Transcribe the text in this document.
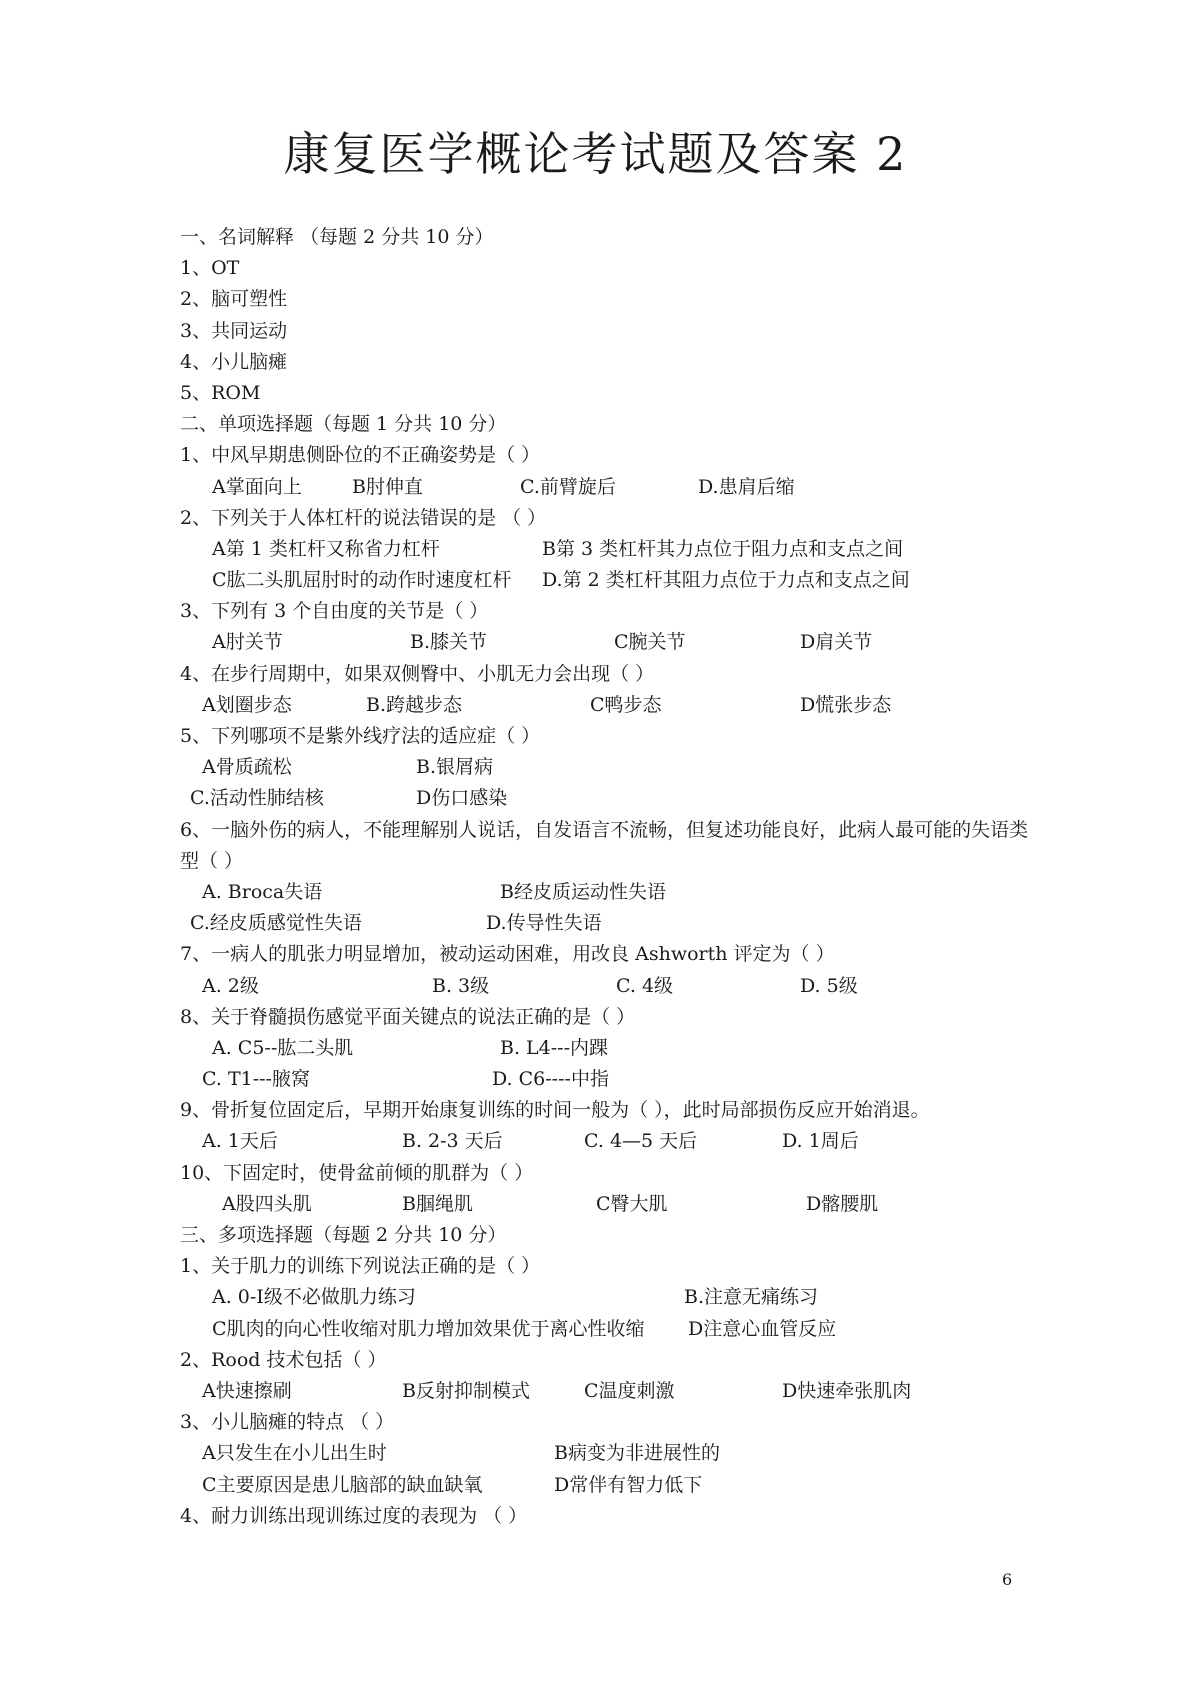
康复医学概论考试题及答案 2
一、名词解释 （每题 2 分共 10 分）
1、OT
2、脑可塑性
3、共同运动
4、小儿脑瘫
5、ROM
二、单项选择题（每题 1 分共 10 分）
1、中风早期患侧卧位的不正确姿势是（ ）
A掌面向上	B肘伸直	C.前臂旋后	D.患肩后缩
2、下列关于人体杠杆的说法错误的是 （ ）
A第 1 类杠杆又称省力杠杆	B第 3 类杠杆其力点位于阻力点和支点之间
C肱二头肌屈肘时的动作时速度杠杆 D.第 2 类杠杆其阻力点位于力点和支点之间
3、下列有 3 个自由度的关节是（ ）
A肘关节	B.膝关节	C腕关节	D肩关节
4、在步行周期中，如果双侧臀中、小肌无力会出现（ ）
A划圈步态	B.跨越步态	C鸭步态	D慌张步态
5、下列哪项不是紫外线疗法的适应症（ ）
A骨质疏松	B.银屑病
C.活动性肺结核	D伤口感染
6、一脑外伤的病人，不能理解别人说话，自发语言不流畅，但复述功能良好，此病人最可能的失语类型（ ）
A. Broca失语	B经皮质运动性失语
C.经皮质感觉性失语	D.传导性失语
7、一病人的肌张力明显增加，被动运动困难，用改良 Ashworth 评定为（ ）
A. 2级	B. 3级	C. 4级	D. 5级
8、关于脊髓损伤感觉平面关键点的说法正确的是（ ）
A. C5--肱二头肌	B. L4---内踝
C. T1---腋窝	D. C6----中指
9、骨折复位固定后，早期开始康复训练的时间一般为（ ），此时局部损伤反应开始消退。
A. 1天后	B. 2-3 天后	C. 4—5 天后	D. 1周后
10、下固定时，使骨盆前倾的肌群为（ ）
A股四头肌	B腘绳肌	C臀大肌	D髂腰肌
三、多项选择题（每题 2 分共 10 分）
1、关于肌力的训练下列说法正确的是（ ）
A. 0-I级不必做肌力练习	B.注意无痛练习
C肌肉的向心性收缩对肌力增加效果优于离心性收缩 D注意心血管反应
2、Rood 技术包括（ ）
A快速擦刷	B反射抑制模式	C温度刺激	D快速牵张肌肉
3、小儿脑瘫的特点 （ ）
A只发生在小儿出生时	B病变为非进展性的
C主要原因是患儿脑部的缺血缺氧	D常伴有智力低下
4、耐力训练出现训练过度的表现为 （ ）
6
